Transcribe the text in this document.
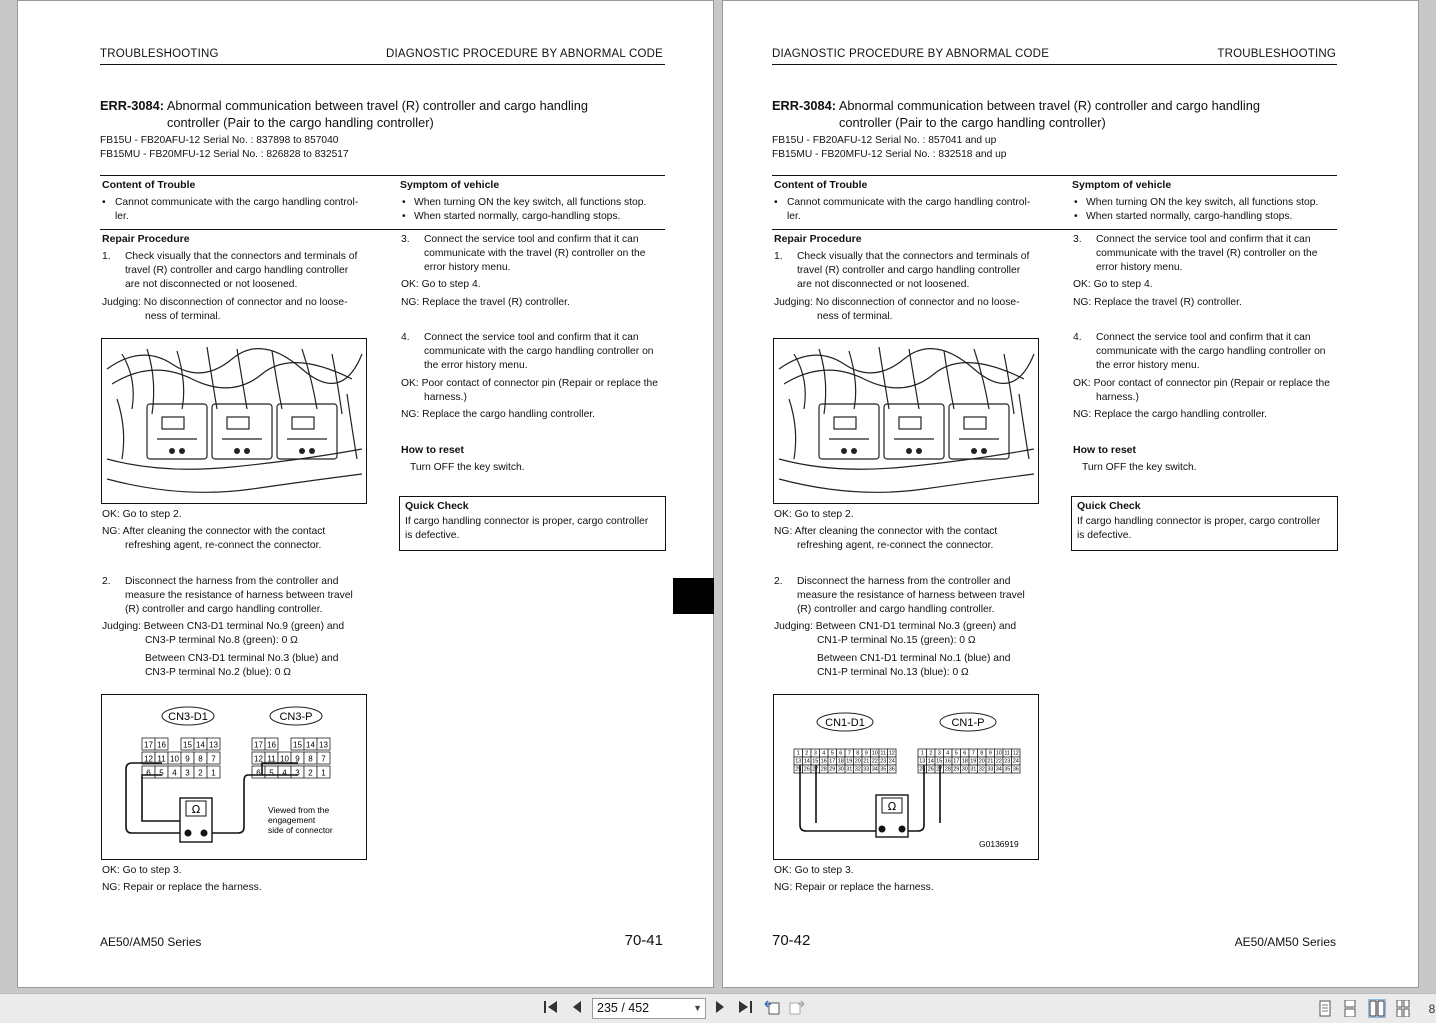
TROUBLESHOOTING	DIAGNOSTIC PROCEDURE BY ABNORMAL CODE
ERR-3084: Abnormal communication between travel (R) controller and cargo handling
controller (Pair to the cargo handling controller)
FB15U - FB20AFU-12 Serial No. : 837898 to 857040
FB15MU - FB20MFU-12 Serial No. : 826828 to 832517
Content of Trouble
• Cannot communicate with the cargo handling control-
ler.
Symptom of vehicle
• When turning ON the key switch, all functions stop.
• When started normally, cargo-handling stops.
Repair Procedure
1. Check visually that the connectors and terminals of
travel (R) controller and cargo handling controller
are not disconnected or not loosened.
Judging: No disconnection of connector and no loose-
ness of terminal.
OK: Go to step 2.
NG: After cleaning the connector with the contact
refreshing agent, re-connect the connector.
2. Disconnect the harness from the controller and
measure the resistance of harness between travel
(R) controller and cargo handling controller.
Judging: Between CN3-D1 terminal No.9 (green) and
CN3-P terminal No.8 (green): 0 Ω
Between CN3-D1 terminal No.3 (blue) and
CN3-P terminal No.2 (blue): 0 Ω
CN3-D1	CN3-P
17 16 15 14 13
12 11 10 9 8 7
6 5 4 3 2 1
17 16 15 14 13
12 11 10 9 8 7
6 5 4 3 2 1
Ω	Viewed from the
engagement
side of connector
OK: Go to step 3.
NG: Repair or replace the harness.
3. Connect the service tool and confirm that it can
communicate with the travel (R) controller on the
error history menu.
OK: Go to step 4.
NG: Replace the travel (R) controller.
4. Connect the service tool and confirm that it can
communicate with the cargo handling controller on
the error history menu.
OK: Poor contact of connector pin (Repair or replace the
harness.)
NG: Replace the cargo handling controller.
How to reset
Turn OFF the key switch.
Quick Check
If cargo handling connector is proper, cargo controller
is defective.
AE50/AM50 Series	70-41
DIAGNOSTIC PROCEDURE BY ABNORMAL CODE	TROUBLESHOOTING
ERR-3084: Abnormal communication between travel (R) controller and cargo handling
controller (Pair to the cargo handling controller)
FB15U - FB20AFU-12 Serial No. : 857041 and up
FB15MU - FB20MFU-12 Serial No. : 832518 and up
Content of Trouble
• Cannot communicate with the cargo handling control-
ler.
Symptom of vehicle
• When turning ON the key switch, all functions stop.
• When started normally, cargo-handling stops.
Repair Procedure
1. Check visually that the connectors and terminals of
travel (R) controller and cargo handling controller
are not disconnected or not loosened.
Judging: No disconnection of connector and no loose-
ness of terminal.
OK: Go to step 2.
NG: After cleaning the connector with the contact
refreshing agent, re-connect the connector.
2. Disconnect the harness from the controller and
measure the resistance of harness between travel
(R) controller and cargo handling controller.
Judging: Between CN1-D1 terminal No.3 (green) and
CN1-P terminal No.15 (green): 0 Ω
Between CN1-D1 terminal No.1 (blue) and
CN1-P terminal No.13 (blue): 0 Ω
CN1-D1	CN1-P
1 2 3 4 5 6 7 8 9 10 11 12
13 14 15 16 17 18 19 20 21 22 23 24
25 26 27 28 29 30 31 32 33 34 35 36
1 2 3 4 5 6 7 8 9 10 11 12
13 14 15 16 17 18 19 20 21 22 23 24
25 26 27 28 29 30 31 32 33 34 35 36
Ω
G0136919
OK: Go to step 3.
NG: Repair or replace the harness.
3. Connect the service tool and confirm that it can
communicate with the travel (R) controller on the
error history menu.
OK: Go to step 4.
NG: Replace the travel (R) controller.
4. Connect the service tool and confirm that it can
communicate with the cargo handling controller on
the error history menu.
OK: Poor contact of connector pin (Repair or replace the
harness.)
NG: Replace the cargo handling controller.
How to reset
Turn OFF the key switch.
Quick Check
If cargo handling connector is proper, cargo controller
is defective.
70-42	AE50/AM50 Series
235 / 452	▼	8
